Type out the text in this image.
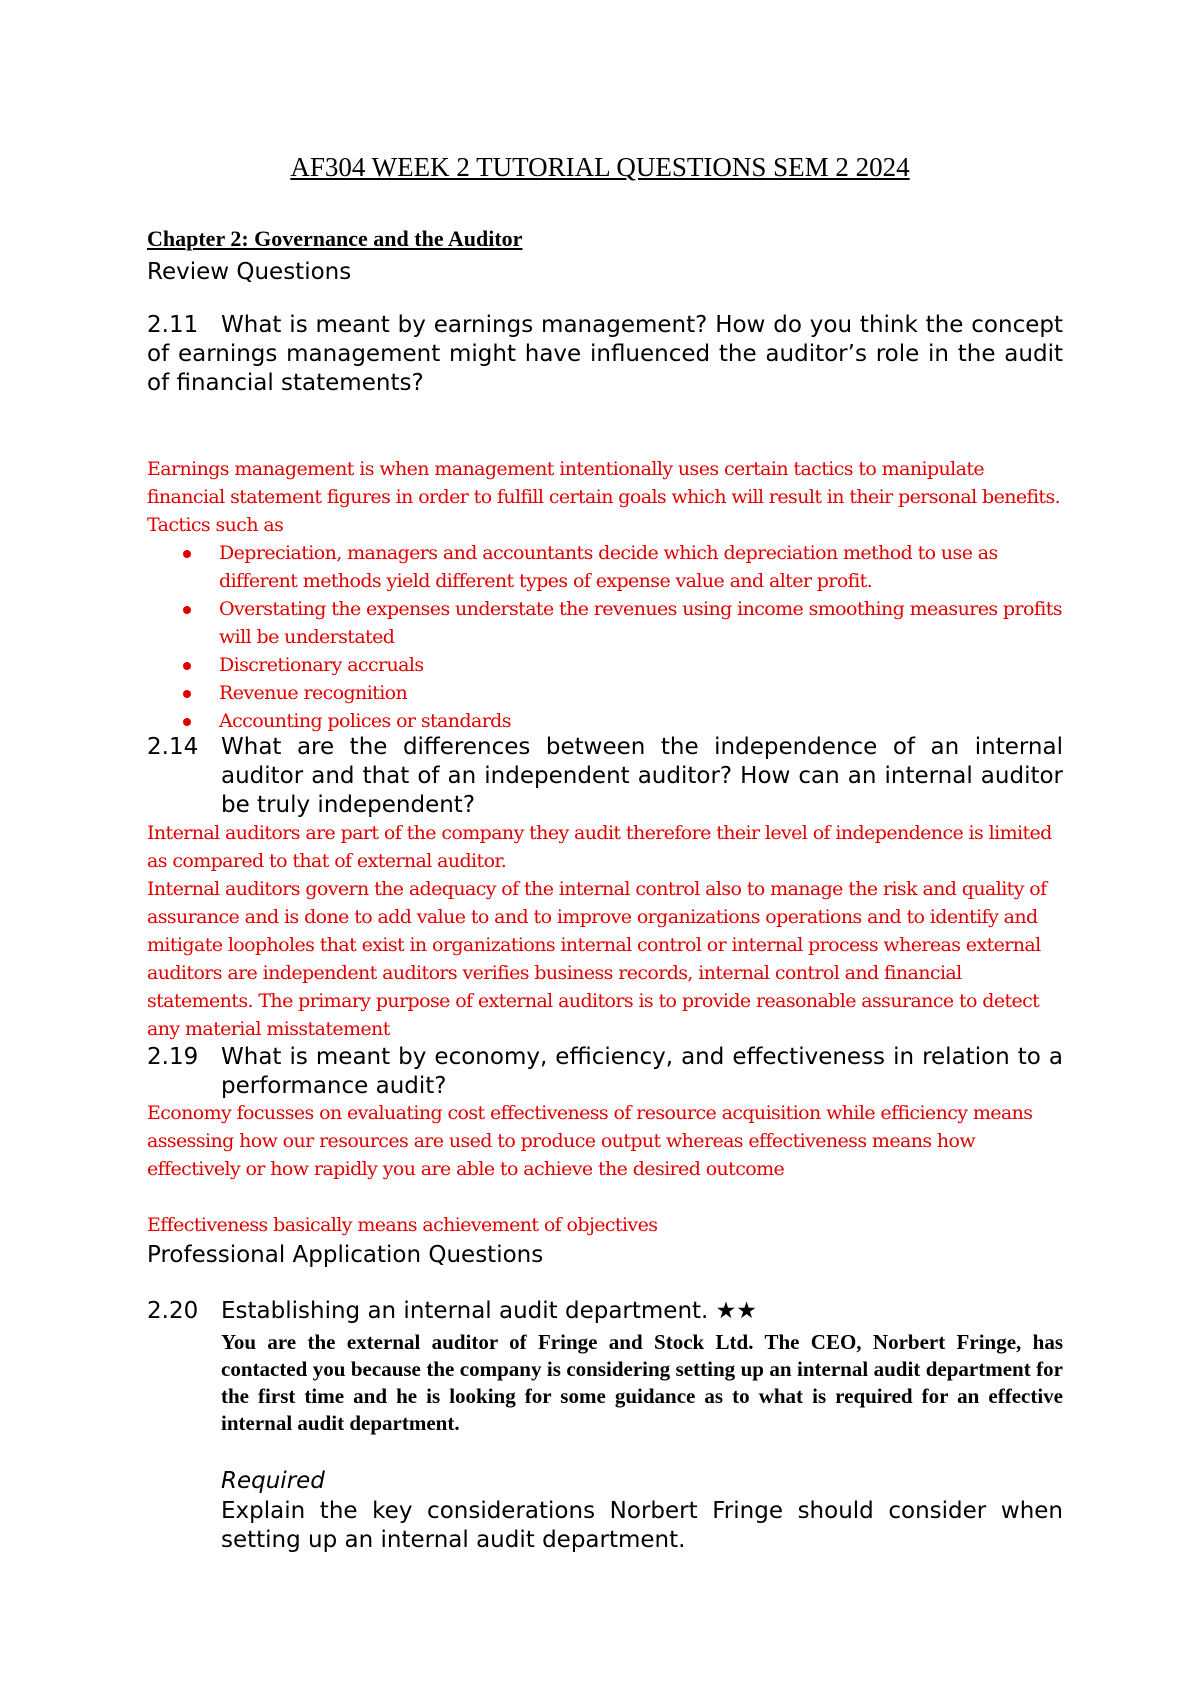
AF304 WEEK 2 TUTORIAL QUESTIONS SEM 2 2024
Chapter 2: Governance and the Auditor
Review Questions
What is meant by earnings management? How do you think the concept of earnings management might have influenced the auditor’s role in the audit of financial statements?
2.11

Earnings management is when management intentionally uses certain tactics to manipulate financial statement figures in order to fulfill certain goals which will result in their personal benefits. Tactics such as

Depreciation, managers and accountants decide which depreciation method to use as different methods yield different types of expense value and alter profit.
Overstating the expenses understate the revenues using income smoothing measures profits will be understated
Discretionary accruals
Revenue recognition
Accounting polices or standards
2.14 What are the differences between the independence of an internal auditor and that of an independent auditor? How can an internal auditor be truly independent?

Internal auditors are part of the company they audit therefore their level of independence is limited as compared to that of external auditor.

Internal auditors govern the adequacy of the internal control also to manage the risk and quality of assurance and is done to add value to and to improve organizations operations and to identify and mitigate loopholes that exist in organizations internal control or internal process whereas external auditors are independent auditors verifies business records, internal control and financial statements. The primary purpose of external auditors is to provide reasonable assurance to detect any material misstatement

2.19 What is meant by economy, efficiency, and effectiveness in relation to a performance audit?

Economy focusses on evaluating cost effectiveness of resource acquisition while efficiency means assessing how our resources are used to produce output whereas effectiveness means how effectively or how rapidly you are able to achieve the desired outcome

Effectiveness basically means achievement of objectives

Professional Application Questions
2.20 Establishing an internal audit department. ★★

You are the external auditor of Fringe and Stock Ltd. The CEO, Norbert Fringe, has contacted you because the company is considering setting up an internal audit department for the first time and he is looking for some guidance as to what is required for an effective internal audit department.

Required

Explain the key considerations Norbert Fringe should consider when setting up an internal audit department.
